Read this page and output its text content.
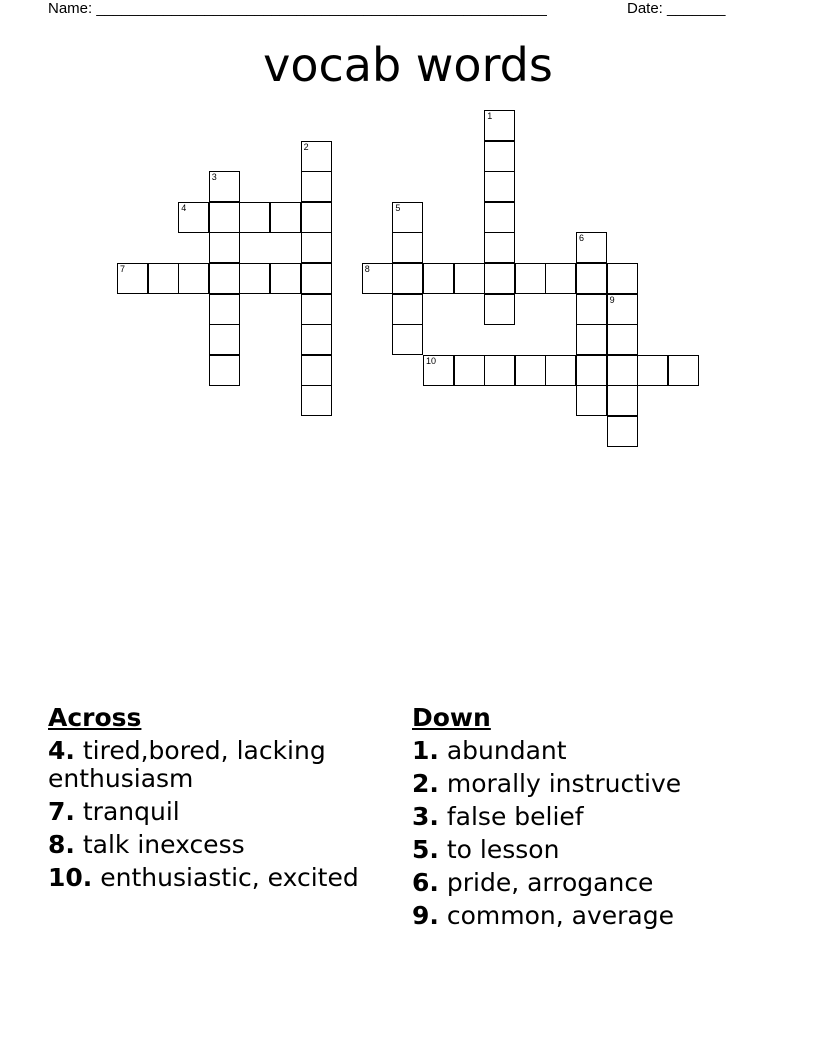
Name: ______________________________________________________	Date: _______
vocab words
1
2
3
4	5
6
7	8
9
10
Across
4. tired,bored, lacking enthusiasm
7. tranquil
8. talk inexcess
10. enthusiastic, excited
Down
1. abundant
2. morally instructive
3. false belief
5. to lesson
6. pride, arrogance
9. common, average
